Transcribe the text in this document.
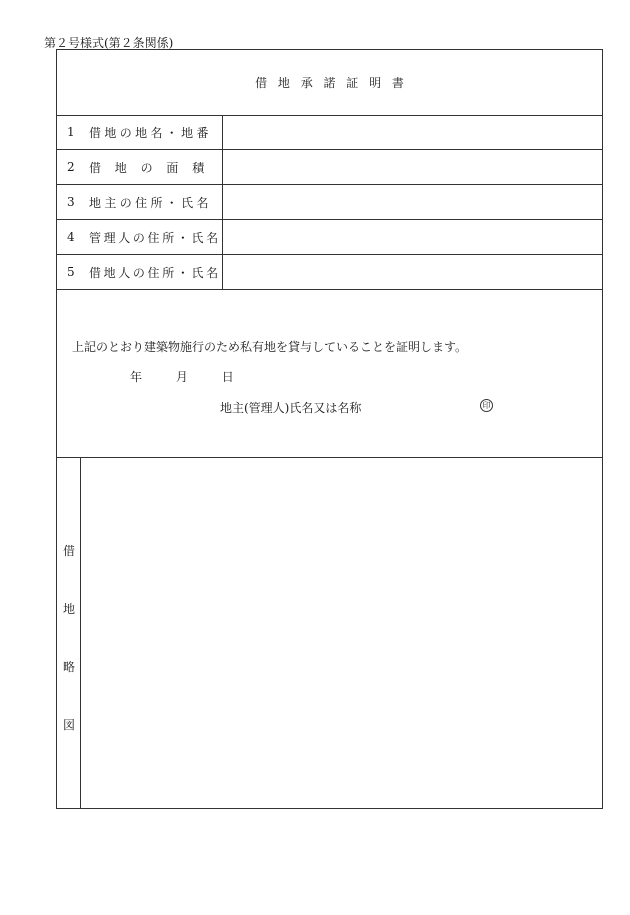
第２号様式(第２条関係)
借地承諾証明書
1	借地の地名・地番
2	借地の面積
3	地主の住所・氏名
4	管理人の住所・氏名
5	借地人の住所・氏名
上記のとおり建築物施行のため私有地を貸与していることを証明します。
年	月	日
地主(管理人)氏名又は名称	印
借
地
略
図
